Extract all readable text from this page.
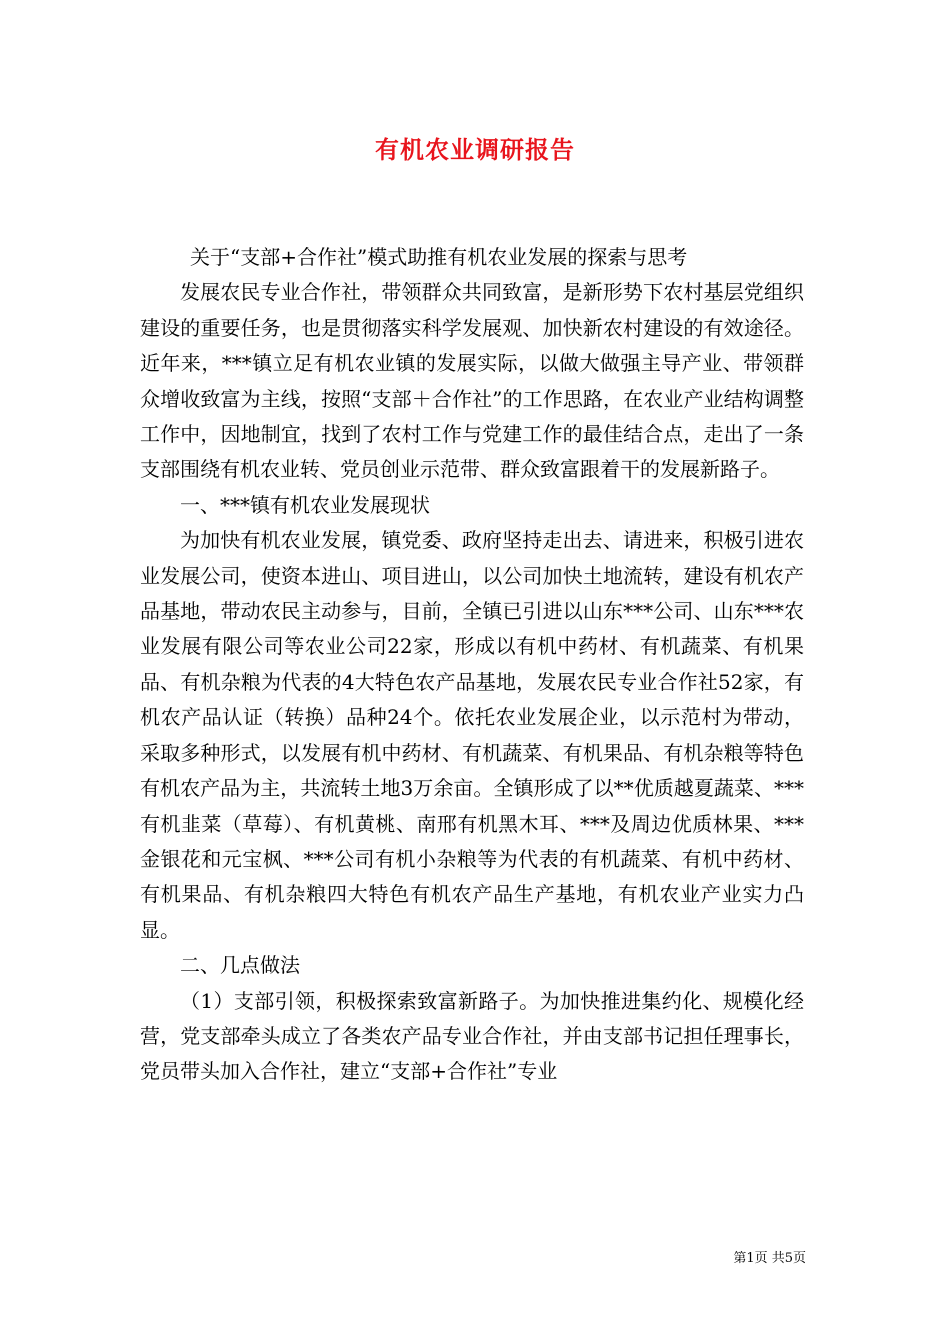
有机农业调研报告

关于“支部+合作社”模式助推有机农业发展的探索与思考

发展农民专业合作社，带领群众共同致富，是新形势下农村基层党组织建设的重要任务，也是贯彻落实科学发展观、加快新农村建设的有效途径。近年来，***镇立足有机农业镇的发展实际，以做大做强主导产业、带领群众增收致富为主线，按照“支部＋合作社”的工作思路，在农业产业结构调整工作中，因地制宜，找到了农村工作与党建工作的最佳结合点，走出了一条支部围绕有机农业转、党员创业示范带、群众致富跟着干的发展新路子。

一、***镇有机农业发展现状

为加快有机农业发展，镇党委、政府坚持走出去、请进来，积极引进农业发展公司，使资本进山、项目进山，以公司加快土地流转，建设有机农产品基地，带动农民主动参与，目前，全镇已引进以山东***公司、山东***农业发展有限公司等农业公司22家，形成以有机中药材、有机蔬菜、有机果品、有机杂粮为代表的4大特色农产品基地，发展农民专业合作社52家，有机农产品认证（转换）品种24个。依托农业发展企业，以示范村为带动，采取多种形式，以发展有机中药材、有机蔬菜、有机果品、有机杂粮等特色有机农产品为主，共流转土地3万余亩。全镇形成了以**优质越夏蔬菜、***有机韭菜（草莓）、有机黄桃、南邢有机黑木耳、***及周边优质林果、***金银花和元宝枫、***公司有机小杂粮等为代表的有机蔬菜、有机中药材、有机果品、有机杂粮四大特色有机农产品生产基地，有机农业产业实力凸显。

二、几点做法

（1）支部引领，积极探索致富新路子。为加快推进集约化、规模化经营，党支部牵头成立了各类农产品专业合作社，并由支部书记担任理事长，党员带头加入合作社，建立“支部+合作社”专业

第1页 共5页
